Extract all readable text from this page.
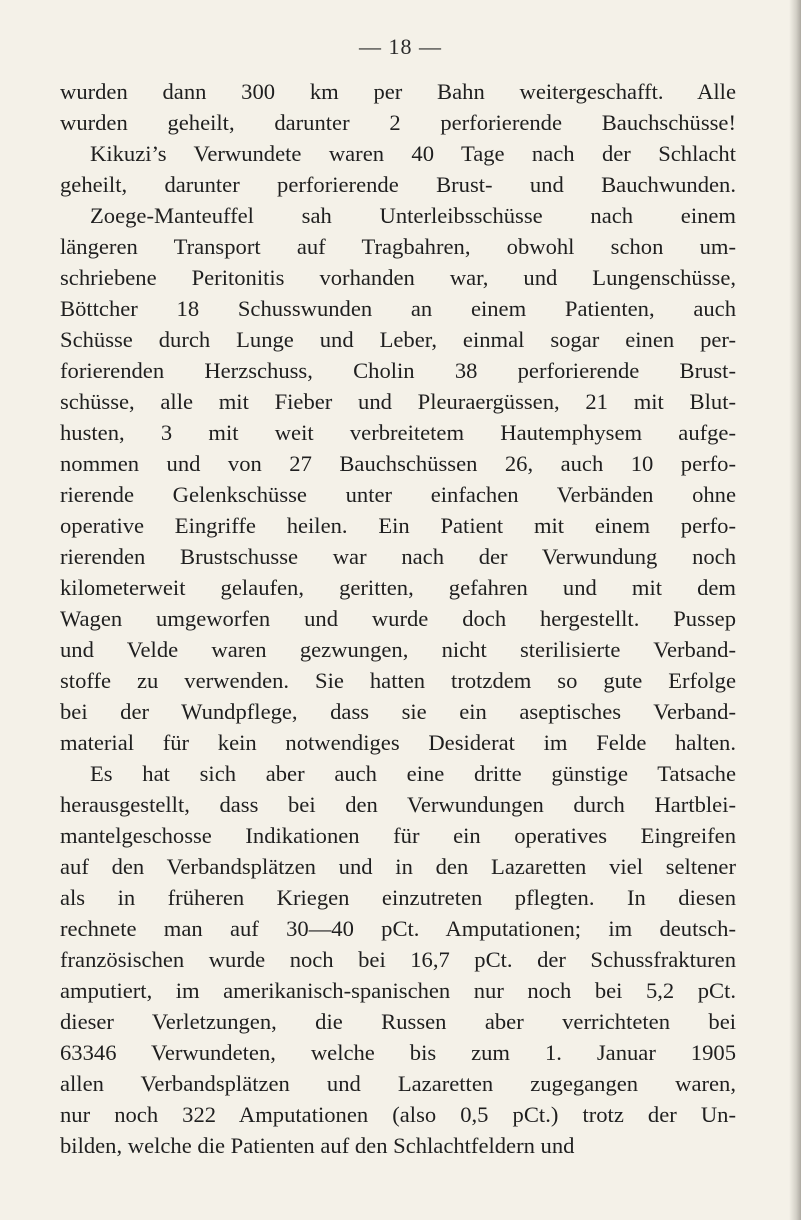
— 18 —
wurden dann 300 km per Bahn weitergeschafft. Alle
wurden geheilt, darunter 2 perforierende Bauchschüsse!
Kikuzi’s Verwundete waren 40 Tage nach der Schlacht
geheilt, darunter perforierende Brust- und Bauchwunden.
Zoege-Manteuffel sah Unterleibsschüsse nach einem
längeren Transport auf Tragbahren, obwohl schon um-
schriebene Peritonitis vorhanden war, und Lungenschüsse,
Böttcher 18 Schusswunden an einem Patienten, auch
Schüsse durch Lunge und Leber, einmal sogar einen per-
forierenden Herzschuss, Cholin 38 perforierende Brust-
schüsse, alle mit Fieber und Pleuraergüssen, 21 mit Blut-
husten, 3 mit weit verbreitetem Hautemphysem aufge-
nommen und von 27 Bauchschüssen 26, auch 10 perfo-
rierende Gelenkschüsse unter einfachen Verbänden ohne
operative Eingriffe heilen. Ein Patient mit einem perfo-
rierenden Brustschusse war nach der Verwundung noch
kilometerweit gelaufen, geritten, gefahren und mit dem
Wagen umgeworfen und wurde doch hergestellt. Pussep
und Velde waren gezwungen, nicht sterilisierte Verband-
stoffe zu verwenden. Sie hatten trotzdem so gute Erfolge
bei der Wundpflege, dass sie ein aseptisches Verband-
material für kein notwendiges Desiderat im Felde halten.
Es hat sich aber auch eine dritte günstige Tatsache
herausgestellt, dass bei den Verwundungen durch Hartblei-
mantelgeschosse Indikationen für ein operatives Eingreifen
auf den Verbandsplätzen und in den Lazaretten viel seltener
als in früheren Kriegen einzutreten pflegten. In diesen
rechnete man auf 30—40 pCt. Amputationen; im deutsch-
französischen wurde noch bei 16,7 pCt. der Schussfrakturen
amputiert, im amerikanisch-spanischen nur noch bei 5,2 pCt.
dieser Verletzungen, die Russen aber verrichteten bei
63346 Verwundeten, welche bis zum 1. Januar 1905
allen Verbandsplätzen und Lazaretten zugegangen waren,
nur noch 322 Amputationen (also 0,5 pCt.) trotz der Un-
bilden, welche die Patienten auf den Schlachtfeldern und
